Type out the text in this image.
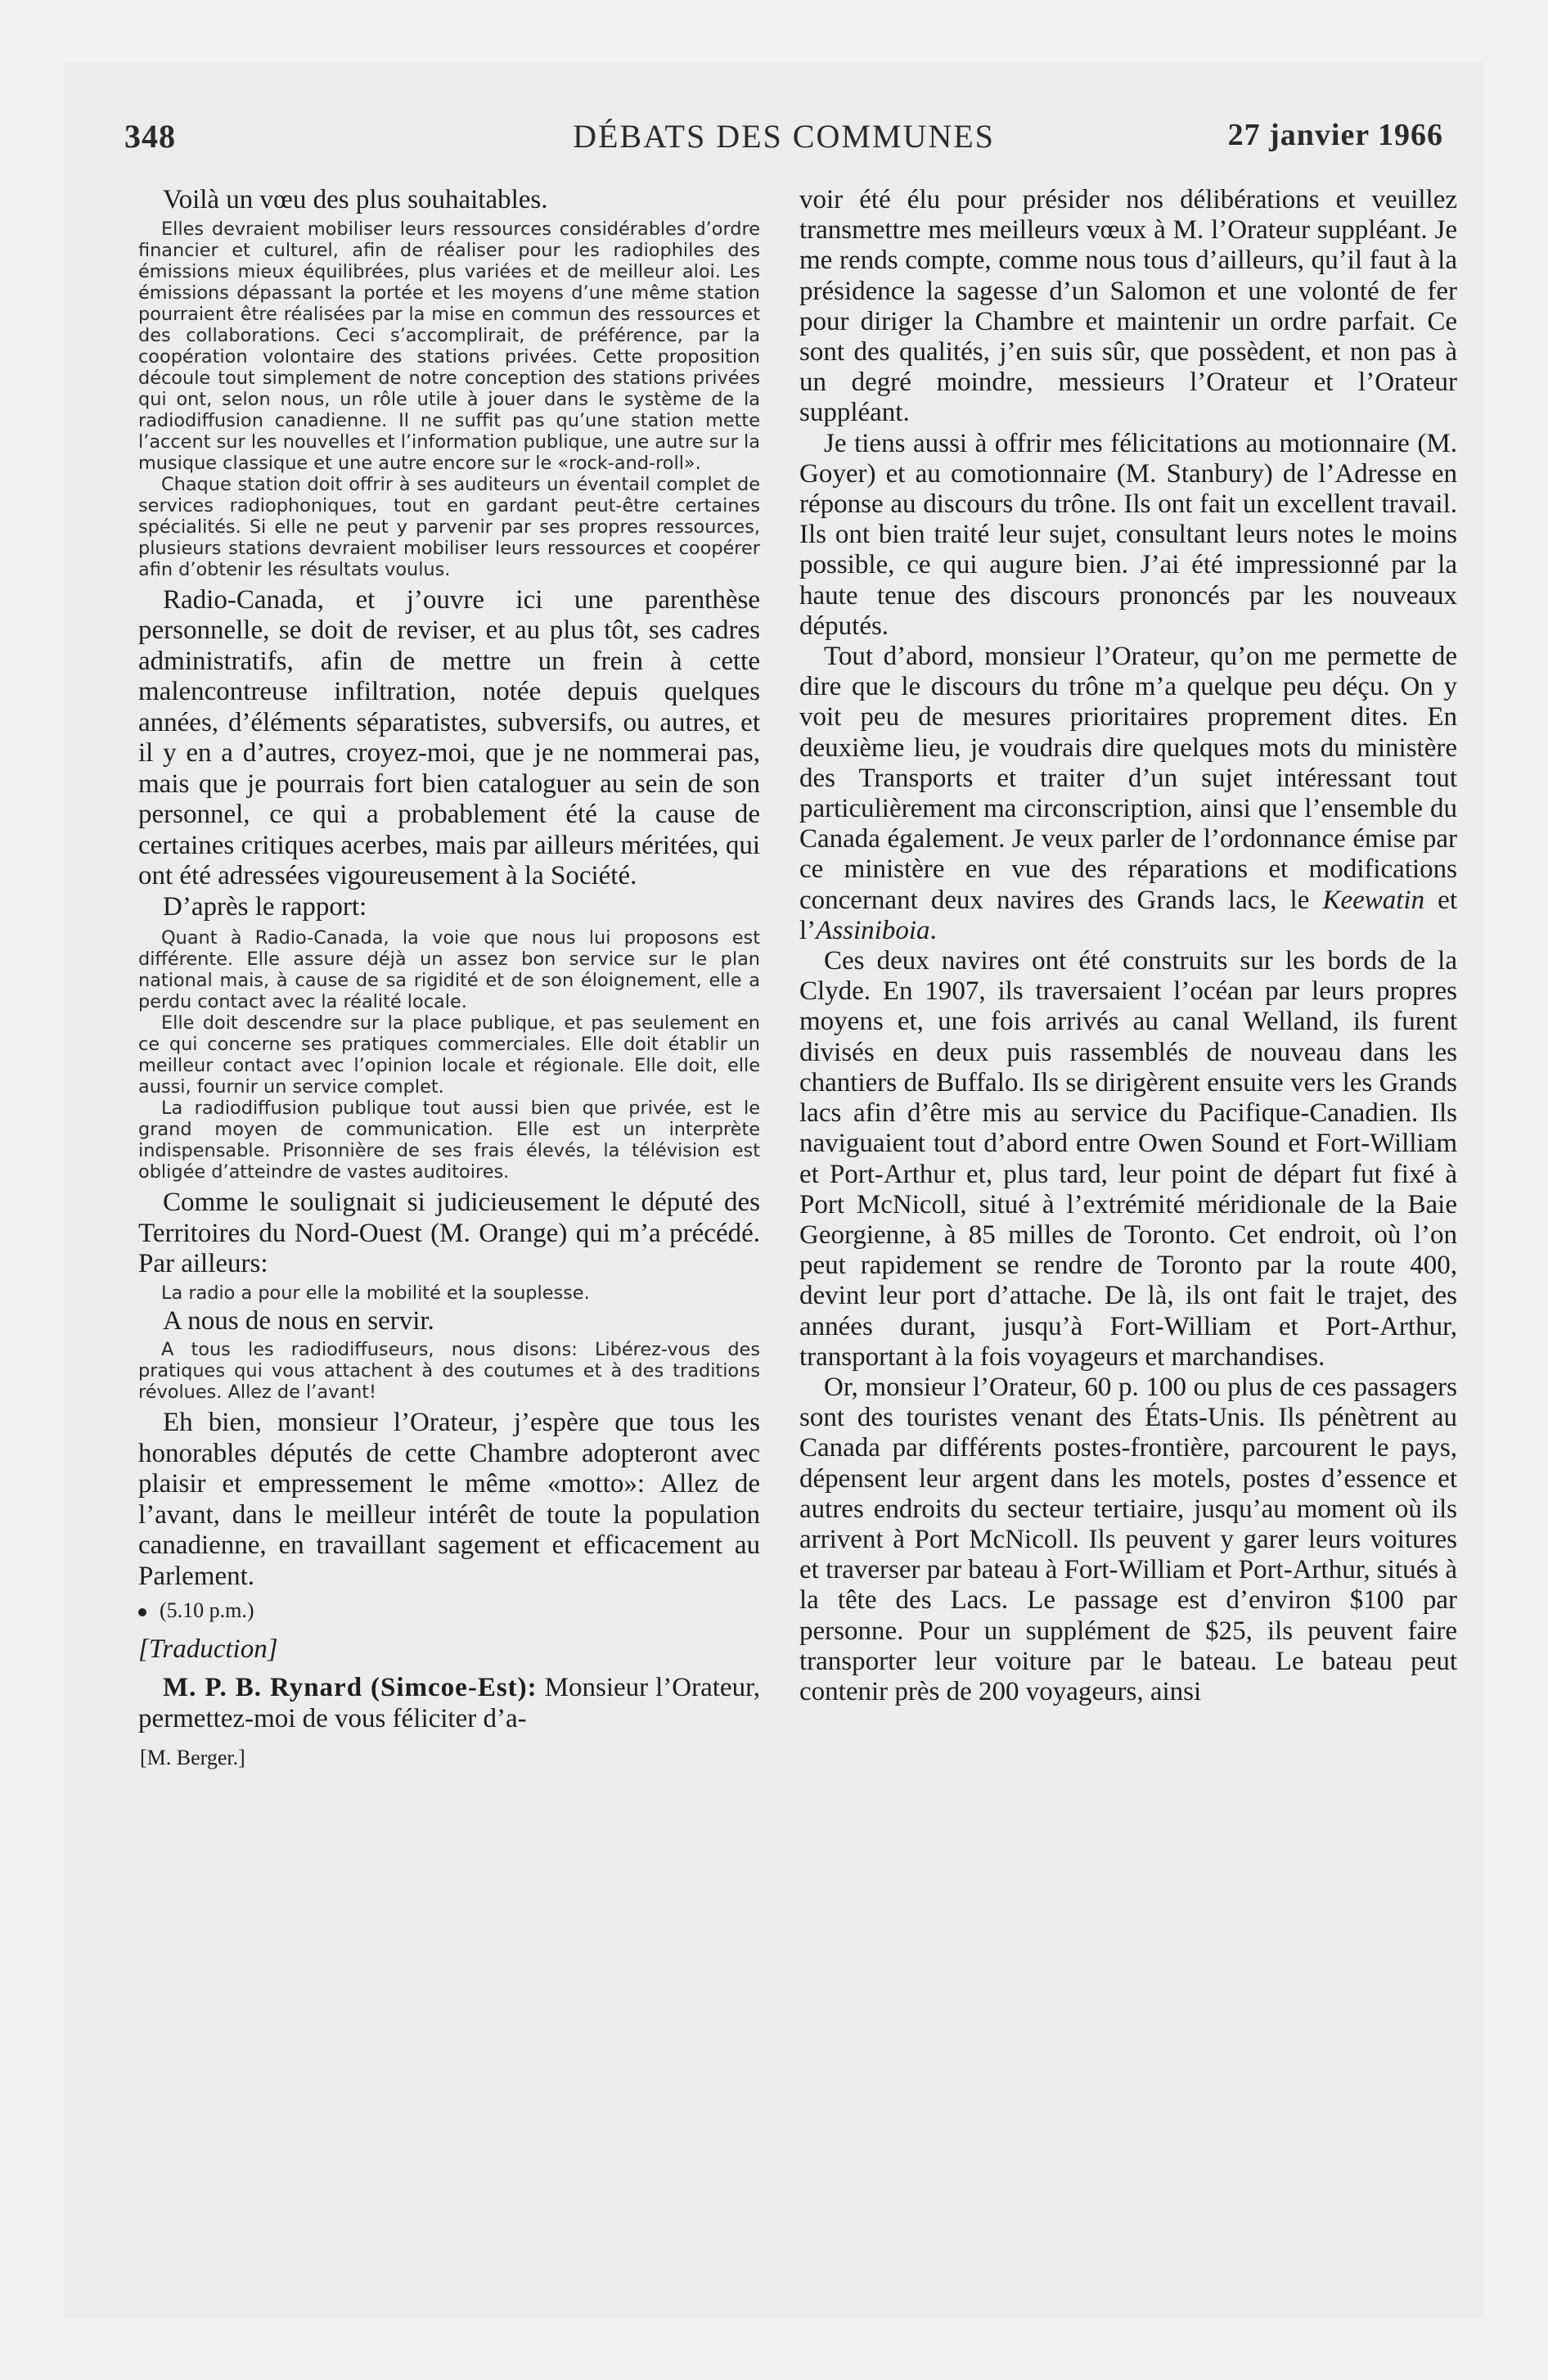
DÉBATS DES COMMUNES
348	27 janvier 1966

Voilà un vœu des plus souhaitables.

Elles devraient mobiliser leurs ressources considérables d’ordre financier et culturel, afin de réaliser pour les radiophiles des émissions mieux équilibrées, plus variées et de meilleur aloi. Les émissions dépassant la portée et les moyens d’une même station pourraient être réalisées par la mise en commun des ressources et des collaborations. Ceci s’accomplirait, de préférence, par la coopération volontaire des stations privées. Cette proposition découle tout simplement de notre conception des stations privées qui ont, selon nous, un rôle utile à jouer dans le système de la radiodiffusion canadienne. Il ne suffit pas qu’une station mette l’accent sur les nouvelles et l’information publique, une autre sur la musique classique et une autre encore sur le «rock-and-roll».

Chaque station doit offrir à ses auditeurs un éventail complet de services radiophoniques, tout en gardant peut-être certaines spécialités. Si elle ne peut y parvenir par ses propres ressources, plusieurs stations devraient mobiliser leurs ressources et coopérer afin d’obtenir les résultats voulus.

Radio-Canada, et j’ouvre ici une parenthèse personnelle, se doit de reviser, et au plus tôt, ses cadres administratifs, afin de mettre un frein à cette malencontreuse infiltration, notée depuis quelques années, d’éléments séparatistes, subversifs, ou autres, et il y en a d’autres, croyez-moi, que je ne nommerai pas, mais que je pourrais fort bien cataloguer au sein de son personnel, ce qui a probablement été la cause de certaines critiques acerbes, mais par ailleurs méritées, qui ont été adressées vigoureusement à la Société.

D’après le rapport:

Quant à Radio-Canada, la voie que nous lui proposons est différente. Elle assure déjà un assez bon service sur le plan national mais, à cause de sa rigidité et de son éloignement, elle a perdu contact avec la réalité locale.

Elle doit descendre sur la place publique, et pas seulement en ce qui concerne ses pratiques commerciales. Elle doit établir un meilleur contact avec l’opinion locale et régionale. Elle doit, elle aussi, fournir un service complet.

La radiodiffusion publique tout aussi bien que privée, est le grand moyen de communication. Elle est un interprète indispensable. Prisonnière de ses frais élevés, la télévision est obligée d’atteindre de vastes auditoires.

Comme le soulignait si judicieusement le député des Territoires du Nord-Ouest (M. Orange) qui m’a précédé. Par ailleurs:

La radio a pour elle la mobilité et la souplesse.

A nous de nous en servir.

A tous les radiodiffuseurs, nous disons: Libérez-vous des pratiques qui vous attachent à des coutumes et à des traditions révolues. Allez de l’avant!

Eh bien, monsieur l’Orateur, j’espère que tous les honorables députés de cette Chambre adopteront avec plaisir et empressement le même «motto»: Allez de l’avant, dans le meilleur intérêt de toute la population canadienne, en travaillant sagement et efficacement au Parlement.

(5.10 p.m.)
[Traduction]

M. P. B. Rynard (Simcoe-Est): Monsieur l’Orateur, permettez-moi de vous féliciter d’a-

[M. Berger.]

voir été élu pour présider nos délibérations et veuillez transmettre mes meilleurs vœux à M. l’Orateur suppléant. Je me rends compte, comme nous tous d’ailleurs, qu’il faut à la présidence la sagesse d’un Salomon et une volonté de fer pour diriger la Chambre et maintenir un ordre parfait. Ce sont des qualités, j’en suis sûr, que possèdent, et non pas à un degré moindre, messieurs l’Orateur et l’Orateur suppléant.

Je tiens aussi à offrir mes félicitations au motionnaire (M. Goyer) et au comotionnaire (M. Stanbury) de l’Adresse en réponse au discours du trône. Ils ont fait un excellent travail. Ils ont bien traité leur sujet, consultant leurs notes le moins possible, ce qui augure bien. J’ai été impressionné par la haute tenue des discours prononcés par les nouveaux députés.

Tout d’abord, monsieur l’Orateur, qu’on me permette de dire que le discours du trône m’a quelque peu déçu. On y voit peu de mesures prioritaires proprement dites. En deuxième lieu, je voudrais dire quelques mots du ministère des Transports et traiter d’un sujet intéressant tout particulièrement ma circonscription, ainsi que l’ensemble du Canada également. Je veux parler de l’ordonnance émise par ce ministère en vue des réparations et modifications concernant deux navires des Grands lacs, le Keewatin et l’Assiniboia.

Ces deux navires ont été construits sur les bords de la Clyde. En 1907, ils traversaient l’océan par leurs propres moyens et, une fois arrivés au canal Welland, ils furent divisés en deux puis rassemblés de nouveau dans les chantiers de Buffalo. Ils se dirigèrent ensuite vers les Grands lacs afin d’être mis au service du Pacifique-Canadien. Ils naviguaient tout d’abord entre Owen Sound et Fort-William et Port-Arthur et, plus tard, leur point de départ fut fixé à Port McNicoll, situé à l’extrémité méridionale de la Baie Georgienne, à 85 milles de Toronto. Cet endroit, où l’on peut rapidement se rendre de Toronto par la route 400, devint leur port d’attache. De là, ils ont fait le trajet, des années durant, jusqu’à Fort-William et Port-Arthur, transportant à la fois voyageurs et marchandises.

Or, monsieur l’Orateur, 60 p. 100 ou plus de ces passagers sont des touristes venant des États-Unis. Ils pénètrent au Canada par différents postes-frontière, parcourent le pays, dépensent leur argent dans les motels, postes d’essence et autres endroits du secteur tertiaire, jusqu’au moment où ils arrivent à Port McNicoll. Ils peuvent y garer leurs voitures et traverser par bateau à Fort-William et Port-Arthur, situés à la tête des Lacs. Le passage est d’environ $100 par personne. Pour un supplément de $25, ils peuvent faire transporter leur voiture par le bateau. Le bateau peut contenir près de 200 voyageurs, ainsi
